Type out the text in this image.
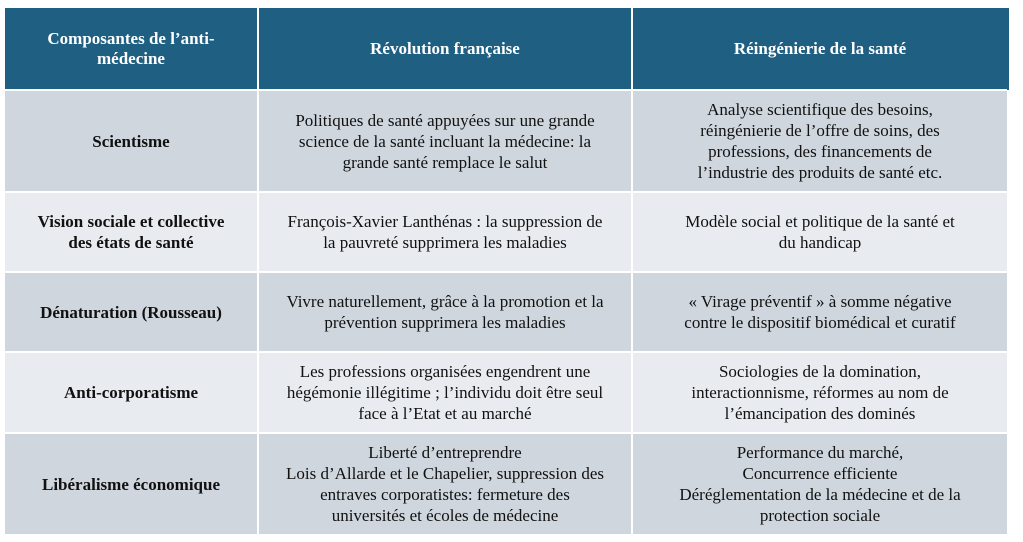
Composantes de l’anti-
médecine	Révolution française	Réingénierie de la santé

Scientisme	Politiques de santé appuyées sur une grande
science de la santé incluant la médecine: la
grande santé remplace le salut	Analyse scientifique des besoins,
réingénierie de l’offre de soins, des
professions, des financements de
l’industrie des produits de santé etc.

Vision sociale et collective
des états de santé	François-Xavier Lanthénas : la suppression de
la pauvreté supprimera les maladies	Modèle social et politique de la santé et
du handicap

Dénaturation (Rousseau)	Vivre naturellement, grâce à la promotion et la
prévention supprimera les maladies	« Virage préventif » à somme négative
contre le dispositif biomédical et curatif

Anti-corporatisme	Les professions organisées engendrent une
hégémonie illégitime ; l’individu doit être seul
face à l’Etat et au marché	Sociologies de la domination,
interactionnisme, réformes au nom de
l’émancipation des dominés

Libéralisme économique	Liberté d’entreprendre
Lois d’Allarde et le Chapelier, suppression des
entraves corporatistes: fermeture des
universités et écoles de médecine	Performance du marché,
Concurrence efficiente
Déréglementation de la médecine et de la
protection sociale
